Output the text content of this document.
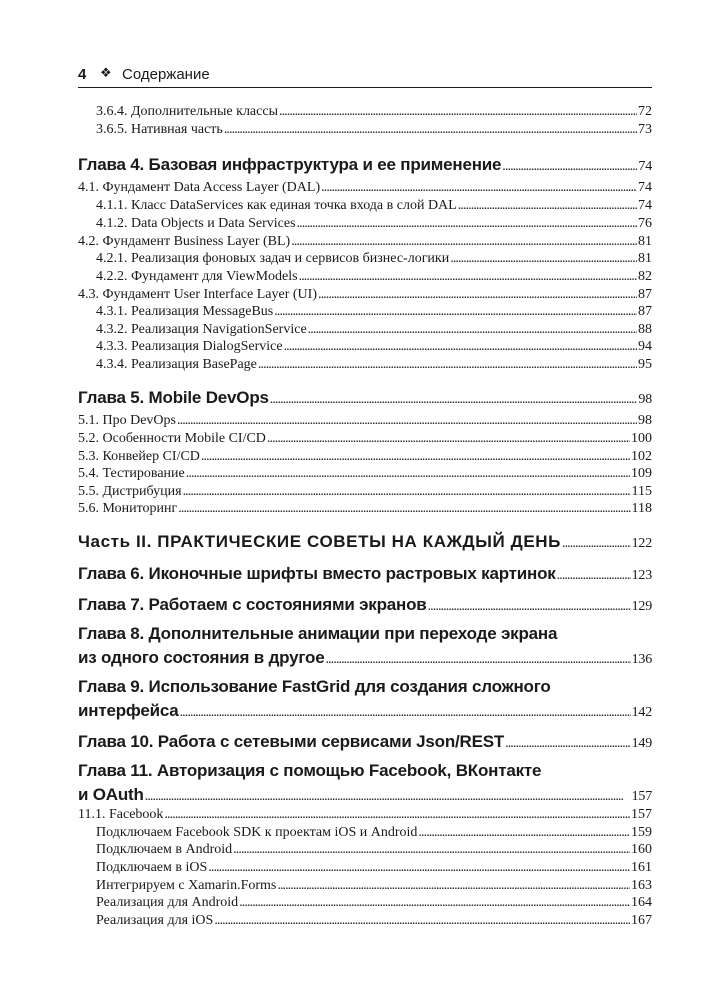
4 ❖ Содержание
3.6.4. Дополнительные классы . . .	72
3.6.5. Нативная часть . . .	73
Глава 4. Базовая инфраструктура и ее применение . . .	74
4.1. Фундамент Data Access Layer (DAL) . . .	74
4.1.1. Класс DataServices как единая точка входа в слой DAL . . .	74
4.1.2. Data Objects и Data Services . . .	76
4.2. Фундамент Business Layer (BL) . . .	81
4.2.1. Реализация фоновых задач и сервисов бизнес-логики . . .	81
4.2.2. Фундамент для ViewModels . . .	82
4.3. Фундамент User Interface Layer (UI) . . .	87
4.3.1. Реализация MessageBus . . .	87
4.3.2. Реализация NavigationService . . .	88
4.3.3. Реализация DialogService . . .	94
4.3.4. Реализация BasePage . . .	95
Глава 5. Mobile DevOps . . .	98
5.1. Про DevOps . . .	98
5.2. Особенности Mobile CI/CD . . .	100
5.3. Конвейер CI/CD . . .	102
5.4. Тестирование . . .	109
5.5. Дистрибуция . . .	115
5.6. Мониторинг . . .	118
Часть II. ПРАКТИЧЕСКИЕ СОВЕТЫ НА КАЖДЫЙ ДЕНЬ . . .	122
Глава 6. Иконочные шрифты вместо растровых картинок . . .	123
Глава 7. Работаем с состояниями экранов . . .	129
Глава 8. Дополнительные анимации при переходе экрана
из одного состояния в другое . . .	136
Глава 9. Использование FastGrid для создания сложного
интерфейса . . .	142
Глава 10. Работа с сетевыми сервисами Json/REST . . .	149
Глава 11. Авторизация с помощью Facebook, ВКонтакте
и OAuth . . .	157
11.1. Facebook . . .	157
Подключаем Facebook SDK к проектам iOS и Android . . .	159
Подключаем в Android . . .	160
Подключаем в iOS . . .	161
Интегрируем с Xamarin.Forms . . .	163
Реализация для Android . . .	164
Реализация для iOS . . .	167
